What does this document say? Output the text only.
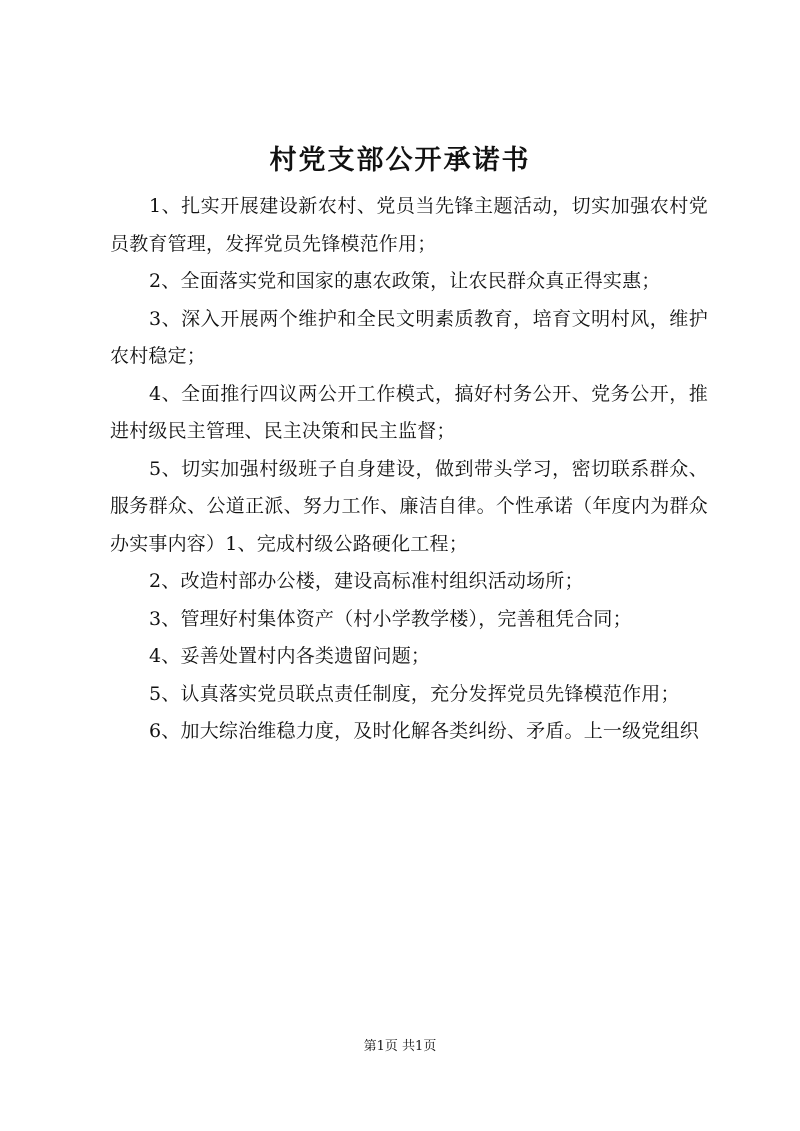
村党支部公开承诺书

1、扎实开展建设新农村、党员当先锋主题活动，切实加强农村党员教育管理，发挥党员先锋模范作用；

2、全面落实党和国家的惠农政策，让农民群众真正得实惠；

3、深入开展两个维护和全民文明素质教育，培育文明村风，维护农村稳定；

4、全面推行四议两公开工作模式，搞好村务公开、党务公开，推进村级民主管理、民主决策和民主监督；

5、切实加强村级班子自身建设，做到带头学习，密切联系群众、服务群众、公道正派、努力工作、廉洁自律。个性承诺（年度内为群众办实事内容）1、完成村级公路硬化工程；

2、改造村部办公楼，建设高标准村组织活动场所；

3、管理好村集体资产（村小学教学楼），完善租凭合同；

4、妥善处置村内各类遗留问题；

5、认真落实党员联点责任制度，充分发挥党员先锋模范作用；

6、加大综治维稳力度，及时化解各类纠纷、矛盾。上一级党组织

第1页 共1页
